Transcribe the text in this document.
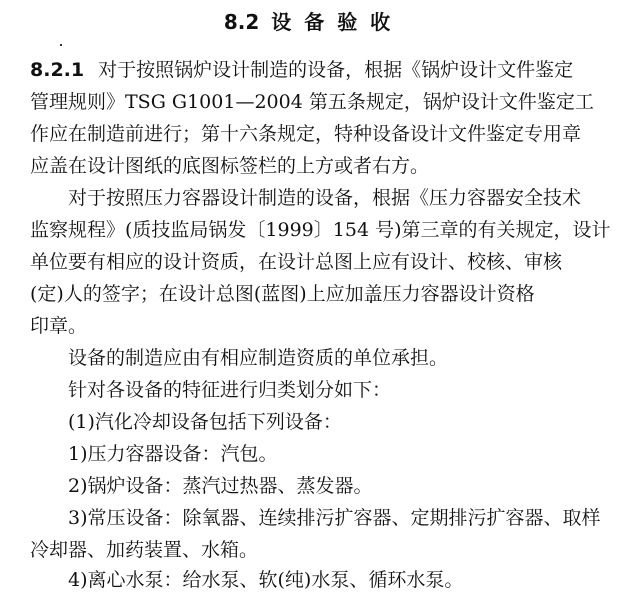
8.2 设 备 验 收
8.2.1 对于按照锅炉设计制造的设备，根据《锅炉设计文件鉴定
管理规则》TSG G1001—2004 第五条规定，锅炉设计文件鉴定工
作应在制造前进行；第十六条规定，特种设备设计文件鉴定专用章
应盖在设计图纸的底图标签栏的上方或者右方。
对于按照压力容器设计制造的设备，根据《压力容器安全技术
监察规程》(质技监局锅发〔1999〕154 号)第三章的有关规定，设计
单位要有相应的设计资质，在设计总图上应有设计、校核、审核
(定)人的签字；在设计总图(蓝图)上应加盖压力容器设计资格
印章。
设备的制造应由有相应制造资质的单位承担。
针对各设备的特征进行归类划分如下：
(1)汽化冷却设备包括下列设备：
1)压力容器设备：汽包。
2)锅炉设备：蒸汽过热器、蒸发器。
3)常压设备：除氧器、连续排污扩容器、定期排污扩容器、取样
冷却器、加药装置、水箱。
4)离心水泵：给水泵、软(纯)水泵、循环水泵。
